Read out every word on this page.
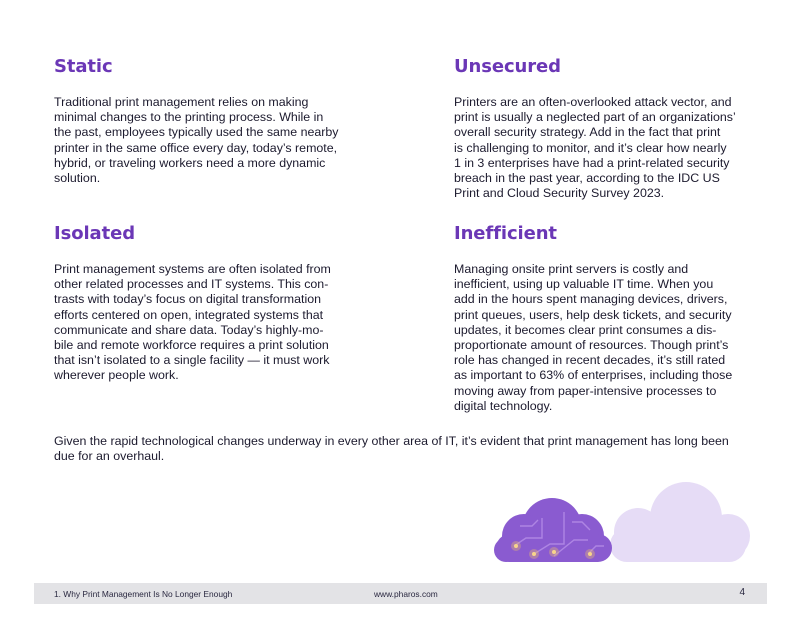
Static

Traditional print management relies on making
minimal changes to the printing process. While in
the past, employees typically used the same nearby
printer in the same office every day, today’s remote,
hybrid, or traveling workers need a more dynamic
solution.

Unsecured

Printers are an often-overlooked attack vector, and
print is usually a neglected part of an organizations’
overall security strategy. Add in the fact that print
is challenging to monitor, and it’s clear how nearly
1 in 3 enterprises have had a print-related security
breach in the past year, according to the IDC US
Print and Cloud Security Survey 2023.

Isolated

Print management systems are often isolated from
other related processes and IT systems. This con-
trasts with today’s focus on digital transformation
efforts centered on open, integrated systems that
communicate and share data. Today’s highly-mo-
bile and remote workforce requires a print solution
that isn’t isolated to a single facility — it must work
wherever people work.

Inefficient

Managing onsite print servers is costly and
inefficient, using up valuable IT time. When you
add in the hours spent managing devices, drivers,
print queues, users, help desk tickets, and security
updates, it becomes clear print consumes a dis-
proportionate amount of resources. Though print’s
role has changed in recent decades, it’s still rated
as important to 63% of enterprises, including those
moving away from paper-intensive processes to
digital technology.

Given the rapid technological changes underway in every other area of IT, it’s evident that print management has long been
due for an overhaul.

1. Why Print Management Is No Longer Enough	www.pharos.com	4
